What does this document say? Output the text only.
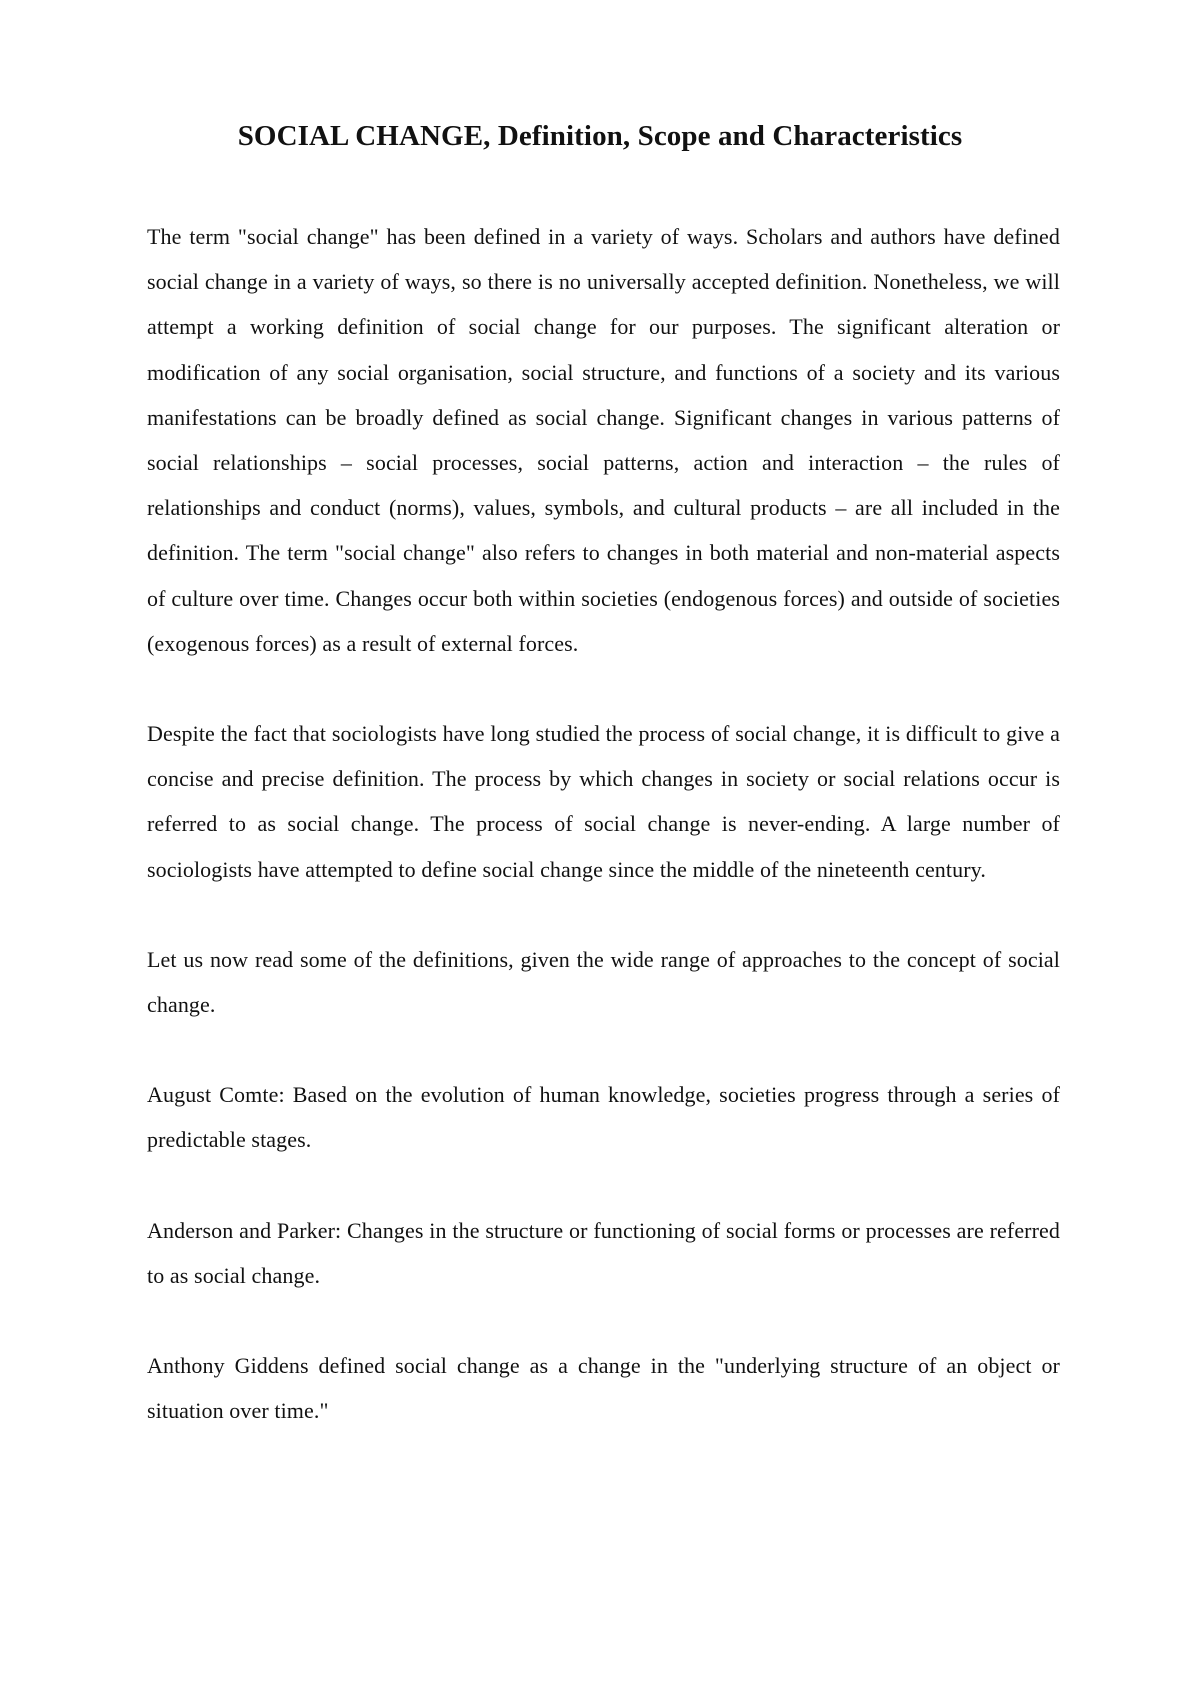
SOCIAL CHANGE, Definition, Scope and Characteristics

The term "social change" has been defined in a variety of ways. Scholars and authors have defined social change in a variety of ways, so there is no universally accepted definition. Nonetheless, we will attempt a working definition of social change for our purposes. The significant alteration or modification of any social organisation, social structure, and functions of a society and its various manifestations can be broadly defined as social change. Significant changes in various patterns of social relationships – social processes, social patterns, action and interaction – the rules of relationships and conduct (norms), values, symbols, and cultural products – are all included in the definition. The term "social change" also refers to changes in both material and non-material aspects of culture over time. Changes occur both within societies (endogenous forces) and outside of societies (exogenous forces) as a result of external forces.

Despite the fact that sociologists have long studied the process of social change, it is difficult to give a concise and precise definition. The process by which changes in society or social relations occur is referred to as social change. The process of social change is never-ending. A large number of sociologists have attempted to define social change since the middle of the nineteenth century.

Let us now read some of the definitions, given the wide range of approaches to the concept of social change.

August Comte: Based on the evolution of human knowledge, societies progress through a series of predictable stages.

Anderson and Parker: Changes in the structure or functioning of social forms or processes are referred to as social change.

Anthony Giddens defined social change as a change in the "underlying structure of an object or situation over time."
